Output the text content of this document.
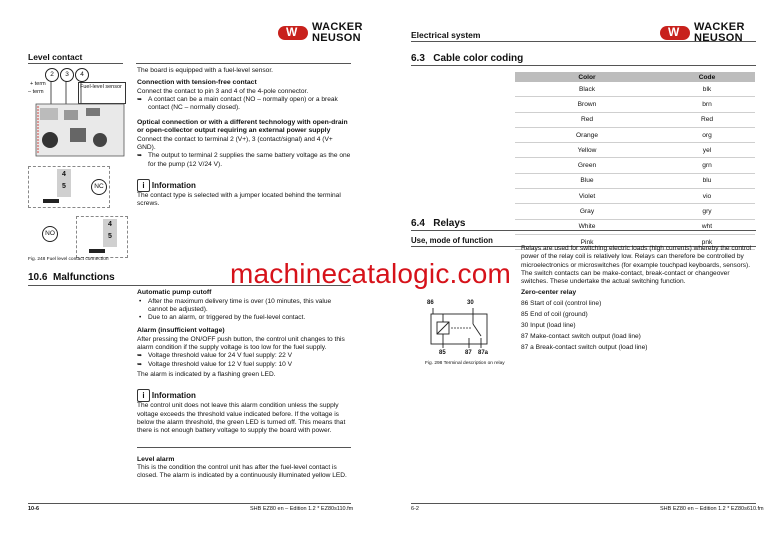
W
WACKER
NEUSON
Level contact
2	3	4
+ term
– term
Fuel-level sensor
4
5	NC
NO
4
5
Fig. 248 Fuel level contact connection
The board is equipped with a fuel-level sensor.
Connection with tension-free contact
Connect the contact to pin 3 and 4 of the 4-pole connector.
➥ A contact can be a main contact (NO – normally open) or a break contact (NC – normally closed).
Optical connection or with a different technology with open-drain or open-collector output requiring an external power supply
Connect the contact to terminal 2 (V+), 3 (contact/signal) and 4 (V+ GND).
➥ The output to terminal 2 supplies the same battery voltage as the one for the pump (12 V/24 V).
i Information
The contact type is selected with a jumper located behind the terminal screws.
10.6 Malfunctions
Automatic pump cutoff
• After the maximum delivery time is over (10 minutes, this value cannot be adjusted).
• Due to an alarm, or triggered by the fuel-level contact.
Alarm (insufficient voltage)
After pressing the ON/OFF push button, the control unit changes to this alarm condition if the supply voltage is too low for the fuel supply.
➥ Voltage threshold value for 24 V fuel supply: 22 V
➥ Voltage threshold value for 12 V fuel supply: 10 V
The alarm is indicated by a flashing green LED.
i Information
The control unit does not leave this alarm condition unless the supply voltage exceeds the threshold value indicated before. If the voltage is below the alarm threshold, the green LED is turned off. This means that there is not enough battery voltage to supply the board with power.
Level alarm
This is the condition the control unit has after the fuel-level contact is closed. The alarm is indicated by a continuously illuminated yellow LED.
10-6	SHB EZ80 en – Edition 1.2 * EZ80s110.fm
Electrical system
W
WACKER
NEUSON
6.3 Cable color coding
Color	Code
Black	blk
Brown	brn
Red	Red
Orange	org
Yellow	yel
Green	grn
Blue	blu
Violet	vio
Gray	gry
White	wht
Pink	pnk
6.4 Relays
Use, mode of function
86	30
85	87 87a
Fig. 298 Terminal description on relay
Relays are used for switching electric loads (high currents) whereby the control power of the relay coil is relatively low. Relays can therefore be controlled by microelectronics or microswitches (for example touchpad keyboards, sensors). The switch contacts can be make-contact, break-contact or changeover switches. These undertake the actual switching function.
Zero-center relay
86 Start of coil (control line)
85 End of coil (ground)
30 Input (load line)
87 Make-contact switch output (load line)
87 a Break-contact switch output (load line)
6-2	SHB EZ80 en – Edition 1.2 * EZ80s610.fm
machinecatalogic.com
